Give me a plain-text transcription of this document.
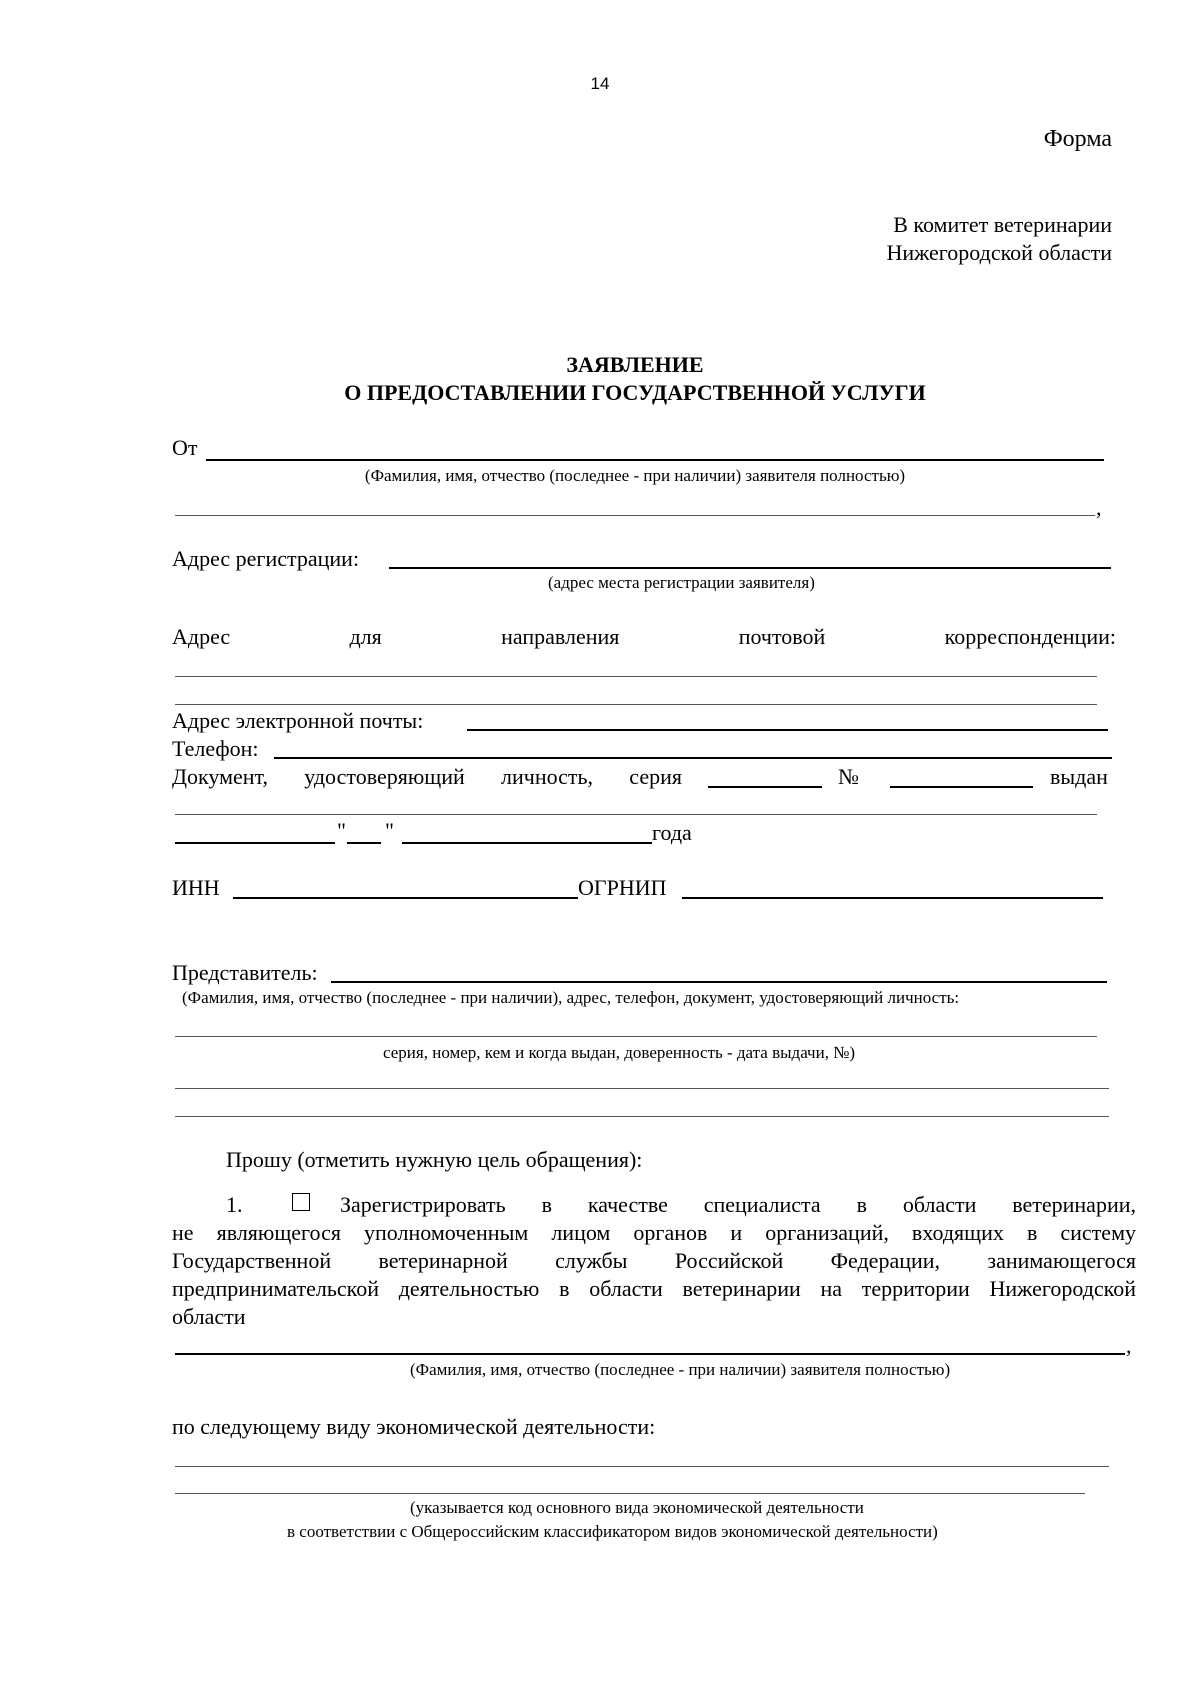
14
Форма
В комитет ветеринарии
Нижегородской области
ЗАЯВЛЕНИЕ
О ПРЕДОСТАВЛЕНИИ ГОСУДАРСТВЕННОЙ УСЛУГИ
От
(Фамилия, имя, отчество (последнее - при наличии) заявителя полностью)
,
Адрес регистрации:
(адрес места регистрации заявителя)
Адрес	для	направления	почтовой	корреспонденции:
Адрес электронной почты:
Телефон:
Документ, удостоверяющий личность, серия	№	выдан
" "	года
ИНН	ОГРНИП
Представитель:
(Фамилия, имя, отчество (последнее - при наличии), адрес, телефон, документ, удостоверяющий личность:
серия, номер, кем и когда выдан, доверенность - дата выдачи, №)
Прошу (отметить нужную цель обращения):
1.	Зарегистрировать в качестве специалиста в области ветеринарии,
не являющегося уполномоченным лицом органов и организаций, входящих в систему
Государственной ветеринарной службы Российской Федерации, занимающегося
предпринимательской деятельностью в области ветеринарии на территории Нижегородской
области
,
(Фамилия, имя, отчество (последнее - при наличии) заявителя полностью)
по следующему виду экономической деятельности:
(указывается код основного вида экономической деятельности
в соответствии с Общероссийским классификатором видов экономической деятельности)
